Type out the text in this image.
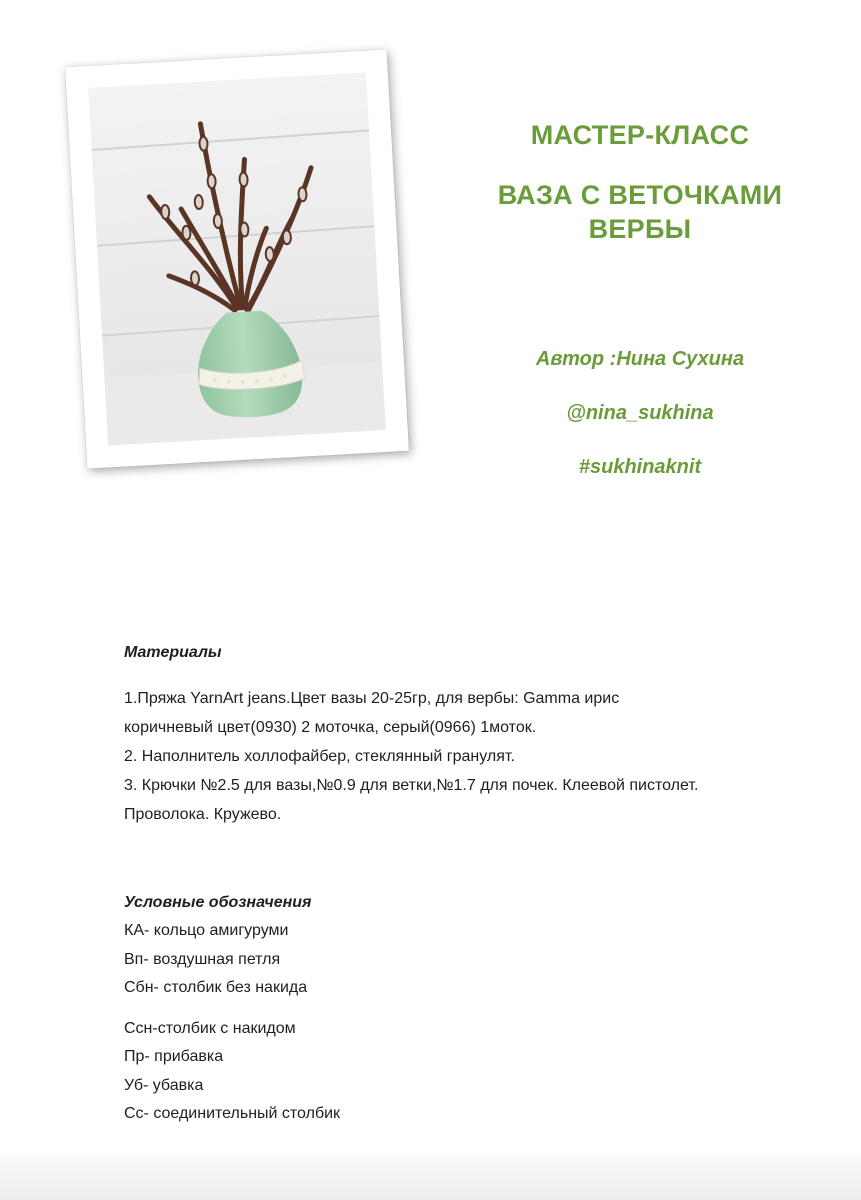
МАСТЕР-КЛАСС
ВАЗА С ВЕТОЧКАМИ
ВЕРБЫ
Автор :Нина Сухина
@nina_sukhina
#sukhinaknit
Материалы
1.Пряжа YarnArt jeans.Цвет вазы 20-25гр, для вербы: Gamma ирис
коричневый цвет(0930) 2 моточка, серый(0966) 1моток.
2. Наполнитель холлофайбер, стеклянный гранулят.
3. Крючки №2.5 для вазы,№0.9 для ветки,№1.7 для почек. Клеевой пистолет.
Проволока. Кружево.
Условные обозначения
КА- кольцо амигуруми
Вп- воздушная петля
Сбн- столбик без накида
Ссн-столбик с накидом
Пр- прибавка
Уб- убавка
Сс- соединительный столбик
